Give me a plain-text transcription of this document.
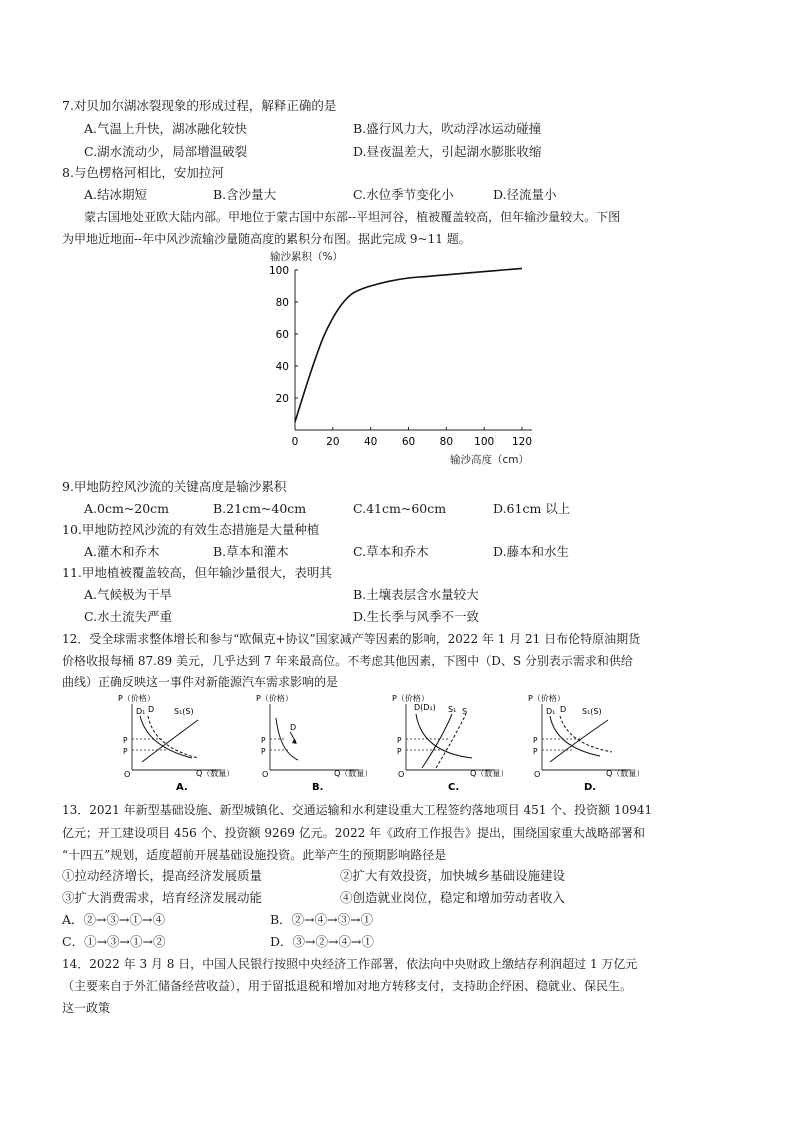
7.对贝加尔湖冰裂现象的形成过程，解释正确的是
A.气温上升快，湖冰融化较快	B.盛行风力大，吹动浮冰运动碰撞
C.湖水流动少，局部增温破裂	D.昼夜温差大，引起湖水膨胀收缩
8.与色楞格河相比，安加拉河
A.结冰期短	B.含沙量大	C.水位季节变化小	D.径流量小
蒙古国地处亚欧大陆内部。甲地位于蒙古国中东部--平坦河谷，植被覆盖较高，但年输沙量较大。下图
为甲地近地面--年中风沙流输沙量随高度的累积分布图。据此完成 9~11 题。
输沙累积（%）
20
40
60
80
100
0	20 40 60 80 100 120
输沙高度（cm）
9.甲地防控风沙流的关键高度是输沙累积
A.0cm~20cm	B.21cm~40cm	C.41cm~60cm	D.61cm 以上
10.甲地防控风沙流的有效生态措施是大量种植
A.灌木和乔木	B.草本和灌木	C.草本和乔木	D.藤本和水生
11.甲地植被覆盖较高，但年输沙量很大，表明其
A.气候极为干旱	B.土壤表层含水量较大
C.水土流失严重	D.生长季与风季不一致
12．受全球需求整体增长和参与“欧佩克+协议”国家减产等因素的影响，2022 年 1 月 21 日布伦特原油期货
价格收报每桶 87.89 美元，几乎达到 7 年来最高位。不考虑其他因素，下图中（D、S 分别表示需求和供给
曲线）正确反映这一事件对新能源汽车需求影响的是
P（价格）
O	Q（数量）
P
P
D₁ D S₁(S)
A.
P（价格）
O	Q（数量）
P
P
D
B.
P（价格）
O	Q（数量）
P
P
D(D₁) S₁ S
C.
P（价格）
O	Q（数量）
P
P
D₁ D S₁(S)
D.
13．2021 年新型基础设施、新型城镇化、交通运输和水利建设重大工程签约落地项目 451 个、投资额 10941
亿元；开工建设项目 456 个、投资额 9269 亿元。2022 年《政府工作报告》提出，围绕国家重大战略部署和
“十四五”规划，适度超前开展基础设施投资。此举产生的预期影响路径是
①拉动经济增长，提高经济发展质量	②扩大有效投资，加快城乡基础设施建设
③扩大消费需求，培育经济发展动能	④创造就业岗位，稳定和增加劳动者收入
A．②→③→①→④	B．②→④→③→①
C．①→③→①→②	D．③→②→④→①
14．2022 年 3 月 8 日，中国人民银行按照中央经济工作部署，依法向中央财政上缴结存利润超过 1 万亿元
（主要来自于外汇储备经营收益），用于留抵退税和增加对地方转移支付，支持助企纾困、稳就业、保民生。
这一政策
